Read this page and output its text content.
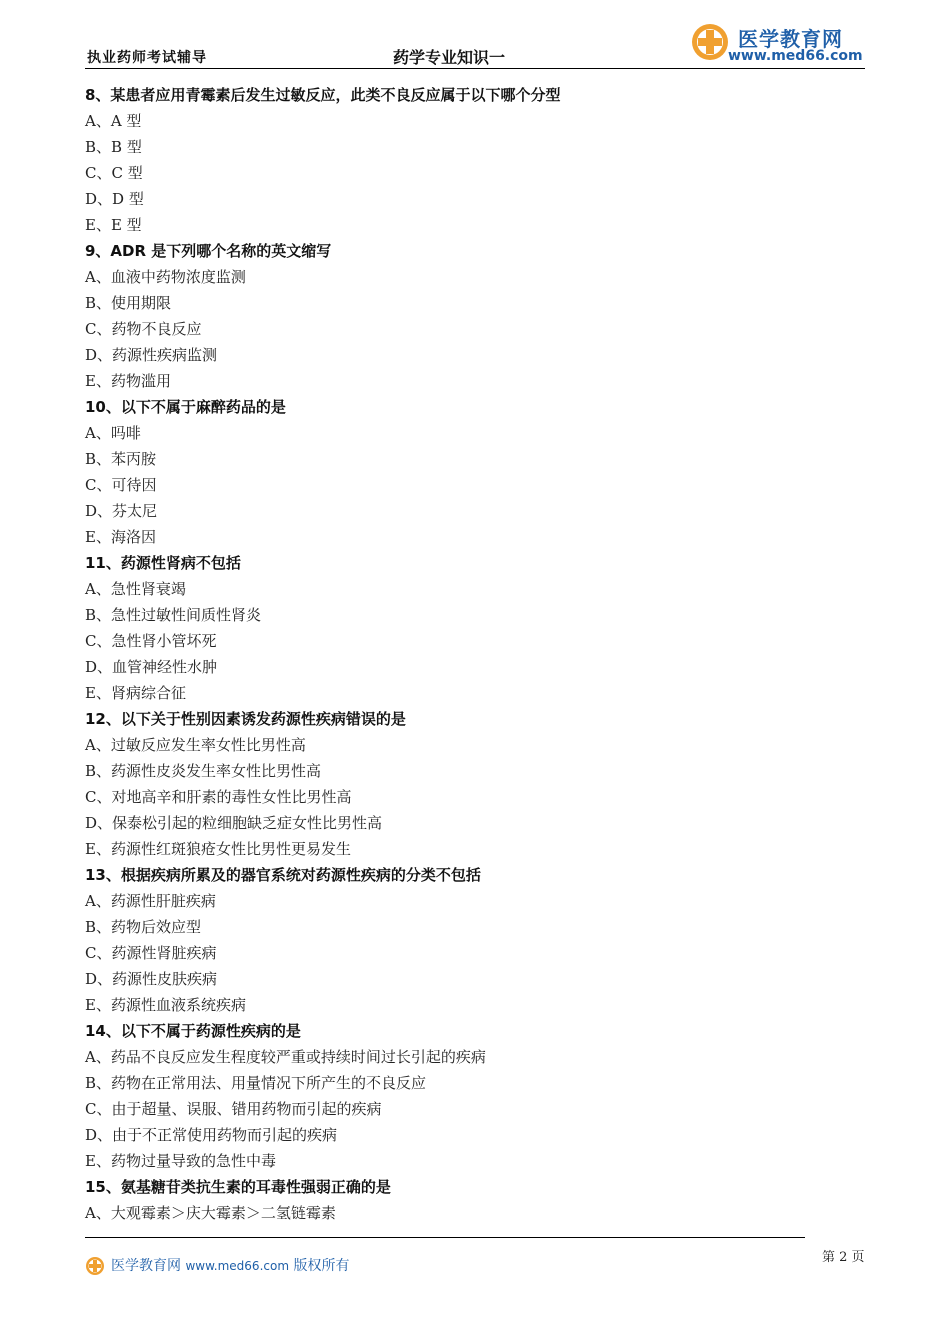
执业药师考试辅导	药学专业知识一
医学教育网
www.med66.com
8、某患者应用青霉素后发生过敏反应，此类不良反应属于以下哪个分型
A、A 型
B、B 型
C、C 型
D、D 型
E、E 型
9、ADR 是下列哪个名称的英文缩写
A、血液中药物浓度监测
B、使用期限
C、药物不良反应
D、药源性疾病监测
E、药物滥用
10、以下不属于麻醉药品的是
A、吗啡
B、苯丙胺
C、可待因
D、芬太尼
E、海洛因
11、药源性肾病不包括
A、急性肾衰竭
B、急性过敏性间质性肾炎
C、急性肾小管坏死
D、血管神经性水肿
E、肾病综合征
12、以下关于性别因素诱发药源性疾病错误的是
A、过敏反应发生率女性比男性高
B、药源性皮炎发生率女性比男性高
C、对地高辛和肝素的毒性女性比男性高
D、保泰松引起的粒细胞缺乏症女性比男性高
E、药源性红斑狼疮女性比男性更易发生
13、根据疾病所累及的器官系统对药源性疾病的分类不包括
A、药源性肝脏疾病
B、药物后效应型
C、药源性肾脏疾病
D、药源性皮肤疾病
E、药源性血液系统疾病
14、以下不属于药源性疾病的是
A、药品不良反应发生程度较严重或持续时间过长引起的疾病
B、药物在正常用法、用量情况下所产生的不良反应
C、由于超量、误服、错用药物而引起的疾病
D、由于不正常使用药物而引起的疾病
E、药物过量导致的急性中毒
15、氨基糖苷类抗生素的耳毒性强弱正确的是
A、大观霉素＞庆大霉素＞二氢链霉素
医学教育网 www.med66.com 版权所有
第 2 页
